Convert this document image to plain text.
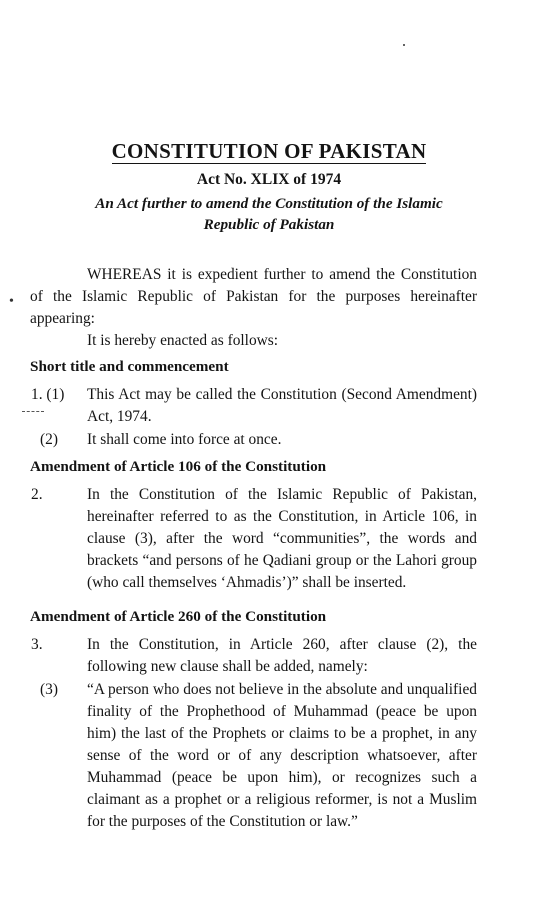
CONSTITUTION OF PAKISTAN
Act No. XLIX of 1974
An Act further to amend the Constitution of the Islamic
Republic of Pakistan
•
WHEREAS it is expedient further to amend the Constitution of the Islamic Republic of Pakistan for the purposes hereinafter appearing:
It is hereby enacted as follows:
Short title and commencement
1. (1) This Act may be called the Constitution (Second Amendment) Act, 1974.
(2) It shall come into force at once.
Amendment of Article 106 of the Constitution
2.	In the Constitution of the Islamic Republic of Pakistan, hereinafter referred to as the Constitution, in Article 106, in clause (3), after the word “communities”, the words and brackets “and persons of he Qadiani group or the Lahori group (who call themselves ‘Ahmadis’)” shall be inserted.
Amendment of Article 260 of the Constitution
3.	In the Constitution, in Article 260, after clause (2), the following new clause shall be added, namely:
(3) “A person who does not believe in the absolute and unqualified finality of the Prophethood of Muhammad (peace be upon him) the last of the Prophets or claims to be a prophet, in any sense of the word or of any description whatsoever, after Muhammad (peace be upon him), or recognizes such a claimant as a prophet or a religious reformer, is not a Muslim for the purposes of the Constitution or law.”
